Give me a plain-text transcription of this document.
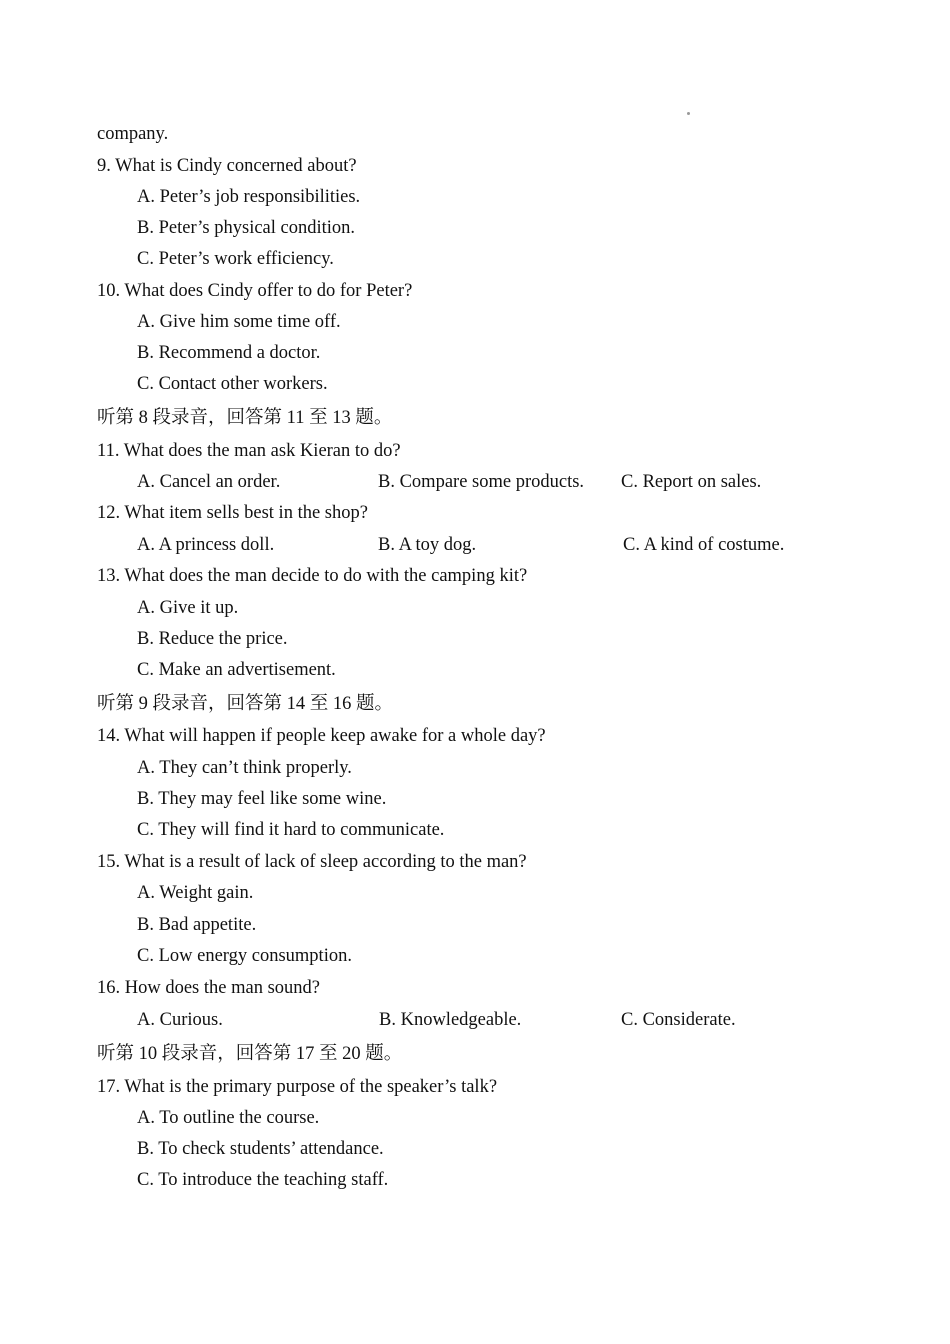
company.
9. What is Cindy concerned about?
A. Peter’s job responsibilities.
B. Peter’s physical condition.
C. Peter’s work efficiency.
10. What does Cindy offer to do for Peter?
A. Give him some time off.
B. Recommend a doctor.
C. Contact other workers.
听第 8 段录音，回答第 11 至 13 题。
11. What does the man ask Kieran to do?
A. Cancel an order.	B. Compare some products. C. Report on sales.
12. What item sells best in the shop?
A. A princess doll.	B. A toy dog.	C. A kind of costume.
13. What does the man decide to do with the camping kit?
A. Give it up.
B. Reduce the price.
C. Make an advertisement.
听第 9 段录音，回答第 14 至 16 题。
14. What will happen if people keep awake for a whole day?
A. They can’t think properly.
B. They may feel like some wine.
C. They will find it hard to communicate.
15. What is a result of lack of sleep according to the man?
A. Weight gain.
B. Bad appetite.
C. Low energy consumption.
16. How does the man sound?
A. Curious.	B. Knowledgeable.	C. Considerate.
听第 10 段录音，回答第 17 至 20 题。
17. What is the primary purpose of the speaker’s talk?
A. To outline the course.
B. To check students’ attendance.
C. To introduce the teaching staff.
